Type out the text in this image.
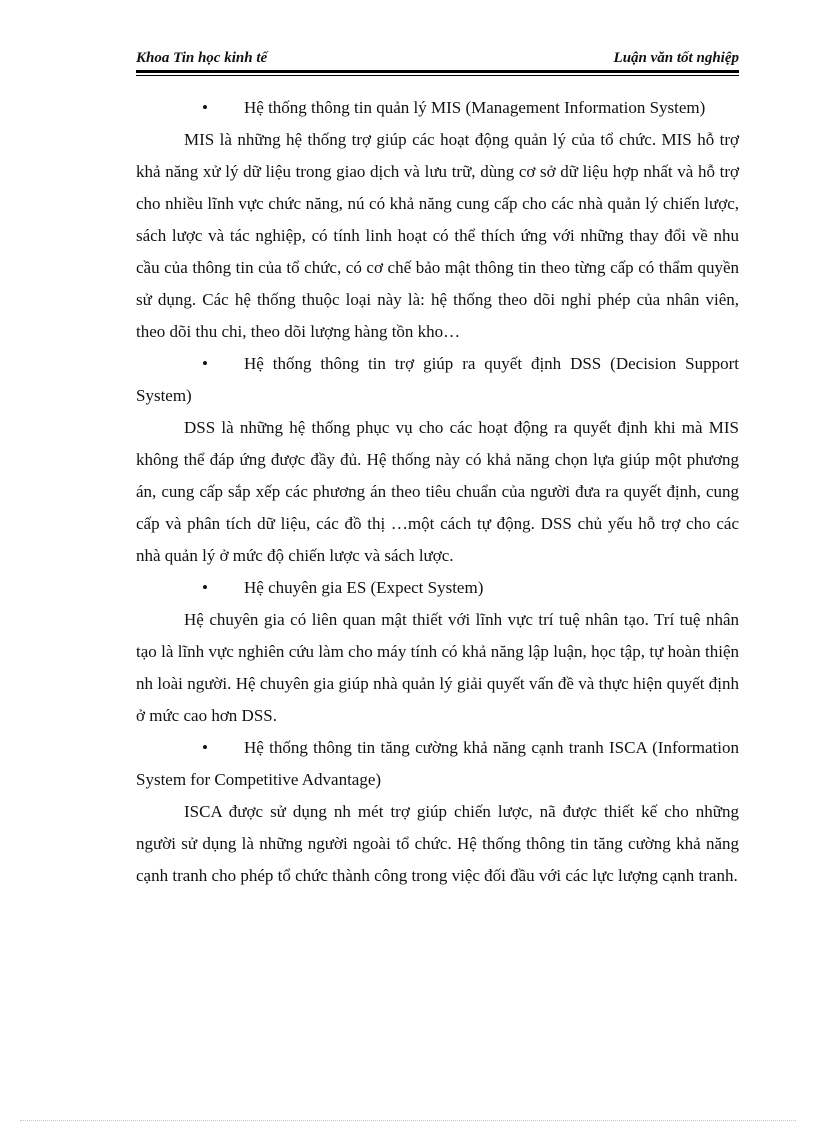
Khoa Tin học kinh tế	Luận văn tốt nghiệp

• Hệ thống thông tin quản lý MIS (Management Information System)

MIS là những hệ thống trợ giúp các hoạt động quản lý của tổ chức. MIS hỗ trợ khả năng xử lý dữ liệu trong giao dịch và lưu trữ, dùng cơ sở dữ liệu hợp nhất và hỗ trợ cho nhiều lĩnh vực chức năng, nú có khả năng cung cấp cho các nhà quản lý chiến lược, sách lược và tác nghiệp, có tính linh hoạt có thể thích ứng với những thay đổi về nhu cầu của thông tin của tổ chức, có cơ chế bảo mật thông tin theo từng cấp có thẩm quyền sử dụng. Các hệ thống thuộc loại này là: hệ thống theo dõi nghỉ phép của nhân viên, theo dõi thu chi, theo dõi lượng hàng tồn kho…

• Hệ thống thông tin trợ giúp ra quyết định DSS (Decision Support System)

DSS là những hệ thống phục vụ cho các hoạt động ra quyết định khi mà MIS không thể đáp ứng được đầy đủ. Hệ thống này có khả năng chọn lựa giúp một phương án, cung cấp sắp xếp các phương án theo tiêu chuẩn của người đưa ra quyết định, cung cấp và phân tích dữ liệu, các đồ thị …một cách tự động. DSS chủ yếu hỗ trợ cho các nhà quản lý ở mức độ chiến lược và sách lược.

• Hệ chuyên gia ES (Expect System)

Hệ chuyên gia có liên quan mật thiết với lĩnh vực trí tuệ nhân tạo. Trí tuệ nhân tạo là lĩnh vực nghiên cứu làm cho máy tính có khả năng lập luận, học tập, tự hoàn thiện nh loài người. Hệ chuyên gia giúp nhà quản lý giải quyết vấn đề và thực hiện quyết định ở mức cao hơn DSS.

• Hệ thống thông tin tăng cường khả năng cạnh tranh ISCA (Information System for Competitive Advantage)

ISCA được sử dụng nh mét trợ giúp chiến lược, nã được thiết kế cho những người sử dụng là những người ngoài tổ chức. Hệ thống thông tin tăng cường khả năng cạnh tranh cho phép tổ chức thành công trong việc đối đầu với các lực lượng cạnh tranh.
